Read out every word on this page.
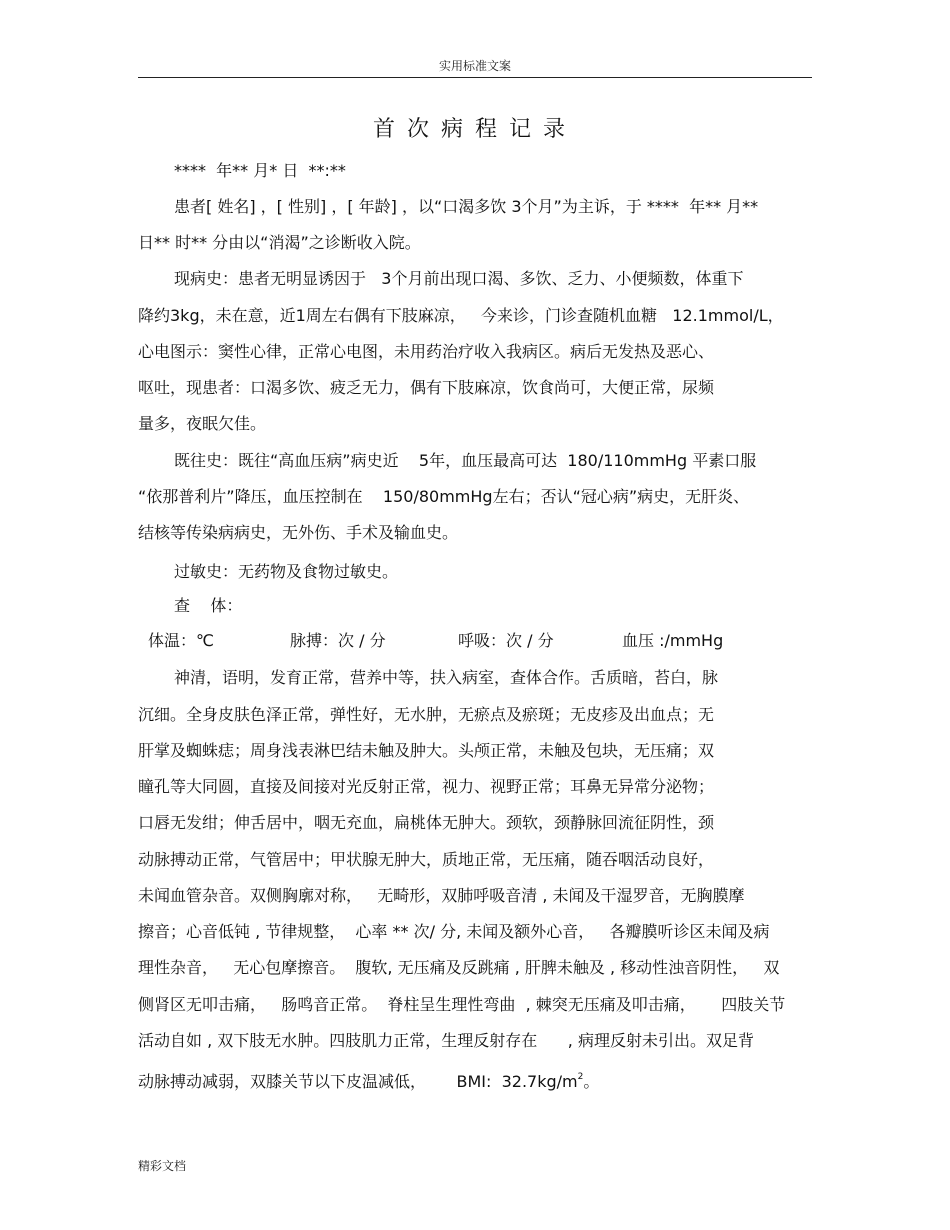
实用标准文案
首次病程记录
****  年** 月* 日  **:**
患者[ 姓名] ，[ 性别] ，[ 年龄] ，以“口渴多饮 3个月”为主诉，于 ****  年** 月**
日** 时** 分由以“消渴”之诊断收入院。
现病史：患者无明显诱因于   3个月前出现口渴、多饮、乏力、小便频数，体重下
降约3kg，未在意，近1周左右偶有下肢麻凉，   今来诊，门诊查随机血糖   12.1mmol/L，
心电图示：窦性心律，正常心电图，未用药治疗收入我病区。病后无发热及恶心、
呕吐，现患者：口渴多饮、疲乏无力，偶有下肢麻凉，饮食尚可，大便正常，尿频
量多，夜眠欠佳。
既往史：既往“高血压病”病史近    5年，血压最高可达  180/110mmHg 平素口服
“依那普利片”降压，血压控制在    150/80mmHg左右；否认“冠心病”病史，无肝炎、
结核等传染病病史，无外伤、手术及输血史。
过敏史：无药物及食物过敏史。
查    体：
体温：℃	脉搏：次 / 分	呼吸：次 / 分	血压 :/mmHg
神清，语明，发育正常，营养中等，扶入病室，查体合作。舌质暗，苔白，脉
沉细。全身皮肤色泽正常，弹性好，无水肿，无瘀点及瘀斑；无皮疹及出血点；无
肝掌及蜘蛛痣；周身浅表淋巴结未触及肿大。头颅正常，未触及包块，无压痛；双
瞳孔等大同圆，直接及间接对光反射正常，视力、视野正常；耳鼻无异常分泌物；
口唇无发绀；伸舌居中，咽无充血，扁桃体无肿大。颈软，颈静脉回流征阴性，颈
动脉搏动正常，气管居中；甲状腺无肿大，质地正常，无压痛，随吞咽活动良好，
未闻血管杂音。双侧胸廓对称，   无畸形，双肺呼吸音清 , 未闻及干湿罗音，无胸膜摩
擦音；心音低钝 , 节律规整，  心率 ** 次/ 分, 未闻及额外心音，   各瓣膜听诊区未闻及病
理性杂音，   无心包摩擦音。  腹软, 无压痛及反跳痛 , 肝脾未触及 , 移动性浊音阴性，   双
侧肾区无叩击痛，   肠鸣音正常。  脊柱呈生理性弯曲  , 棘突无压痛及叩击痛，     四肢关节
活动自如 , 双下肢无水肿。四肢肌力正常，生理反射存在      , 病理反射未引出。双足背
动脉搏动减弱，双膝关节以下皮温减低，      BMI:  $32.7kg/m^2$。
精彩文档
